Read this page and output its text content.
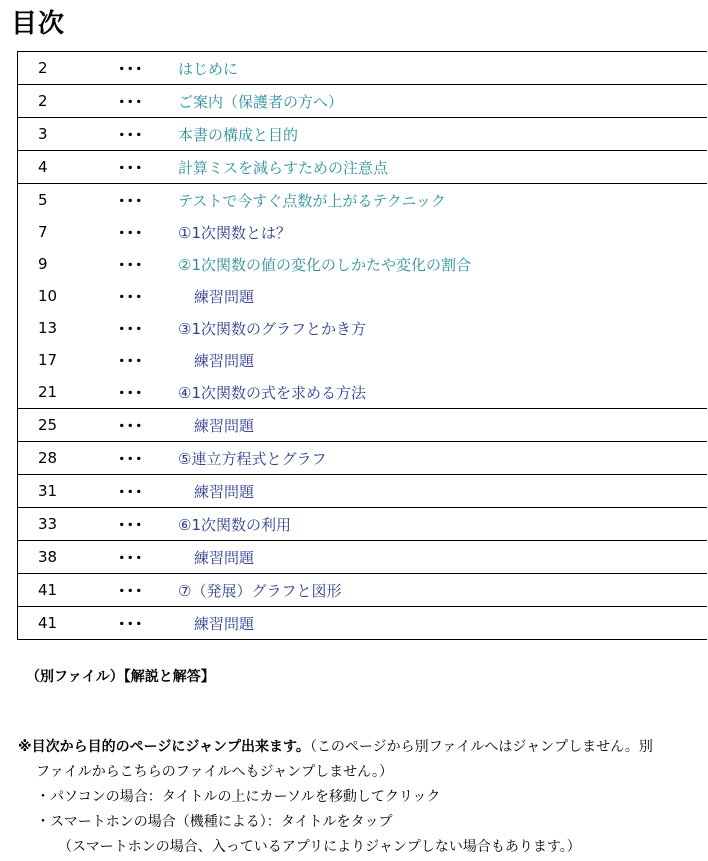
目次
2	･･･	はじめに
2	･･･	ご案内（保護者の方へ）
3	･･･	本書の構成と目的
4	･･･	計算ミスを減らすための注意点
5	･･･	テストで今すぐ点数が上がるテクニック
7	･･･	①1次関数とは？
9	･･･	②1次関数の値の変化のしかたや変化の割合
10	･･･	練習問題
13	･･･	③1次関数のグラフとかき方
17	･･･	練習問題
21	･･･	④1次関数の式を求める方法
25	･･･	練習問題
28	･･･	⑤連立方程式とグラフ
31	･･･	練習問題
33	･･･	⑥1次関数の利用
38	･･･	練習問題
41	･･･	⑦（発展）グラフと図形
41	･･･	練習問題
（別ファイル）【解説と解答】
※目次から目的のページにジャンプ出来ます。（このページから別ファイルへはジャンプしません。別
ファイルからこちらのファイルへもジャンプしません。）
・パソコンの場合：タイトルの上にカーソルを移動してクリック
・スマートホンの場合（機種による）：タイトルをタップ
（スマートホンの場合、入っているアプリによりジャンプしない場合もあります。）
